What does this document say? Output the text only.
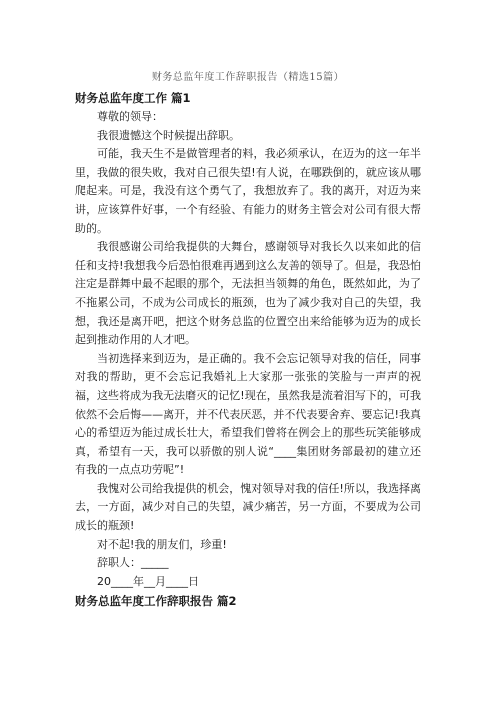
财务总监年度工作辞职报告（精选15篇）

财务总监年度工作 篇1

尊敬的领导：

我很遗憾这个时候提出辞职。

可能，我天生不是做管理者的料，我必须承认，在迈为的这一年半里，我做的很失败，我对自己很失望!有人说，在哪跌倒的，就应该从哪爬起来。可是，我没有这个勇气了，我想放弃了。我的离开，对迈为来讲，应该算件好事，一个有经验、有能力的财务主管会对公司有很大帮助的。

我很感谢公司给我提供的大舞台，感谢领导对我长久以来如此的信任和支持!我想我今后恐怕很难再遇到这么友善的领导了。但是，我恐怕注定是群舞中最不起眼的那个，无法担当领舞的角色，既然如此，为了不拖累公司，不成为公司成长的瓶颈，也为了减少我对自己的失望，我想，我还是离开吧，把这个财务总监的位置空出来给能够为迈为的成长起到推动作用的人才吧。

当初选择来到迈为，是正确的。我不会忘记领导对我的信任，同事对我的帮助，更不会忘记我婚礼上大家那一张张的笑脸与一声声的祝福，这些将成为我无法磨灭的记忆!现在，虽然我是流着泪写下的，可我依然不会后悔——离开，并不代表厌恶，并不代表要舍弃、要忘记!我真心的希望迈为能过成长壮大，希望我们曾将在例会上的那些玩笑能够成真，希望有一天，我可以骄傲的别人说“____集团财务部最初的建立还有我的一点点功劳呢”!

我愧对公司给我提供的机会，愧对领导对我的信任!所以，我选择离去，一方面，减少对自己的失望，减少痛苦，另一方面，不要成为公司成长的瓶颈!

对不起!我的朋友们，珍重!

辞职人：_____

20____年__月____日

财务总监年度工作辞职报告 篇2
